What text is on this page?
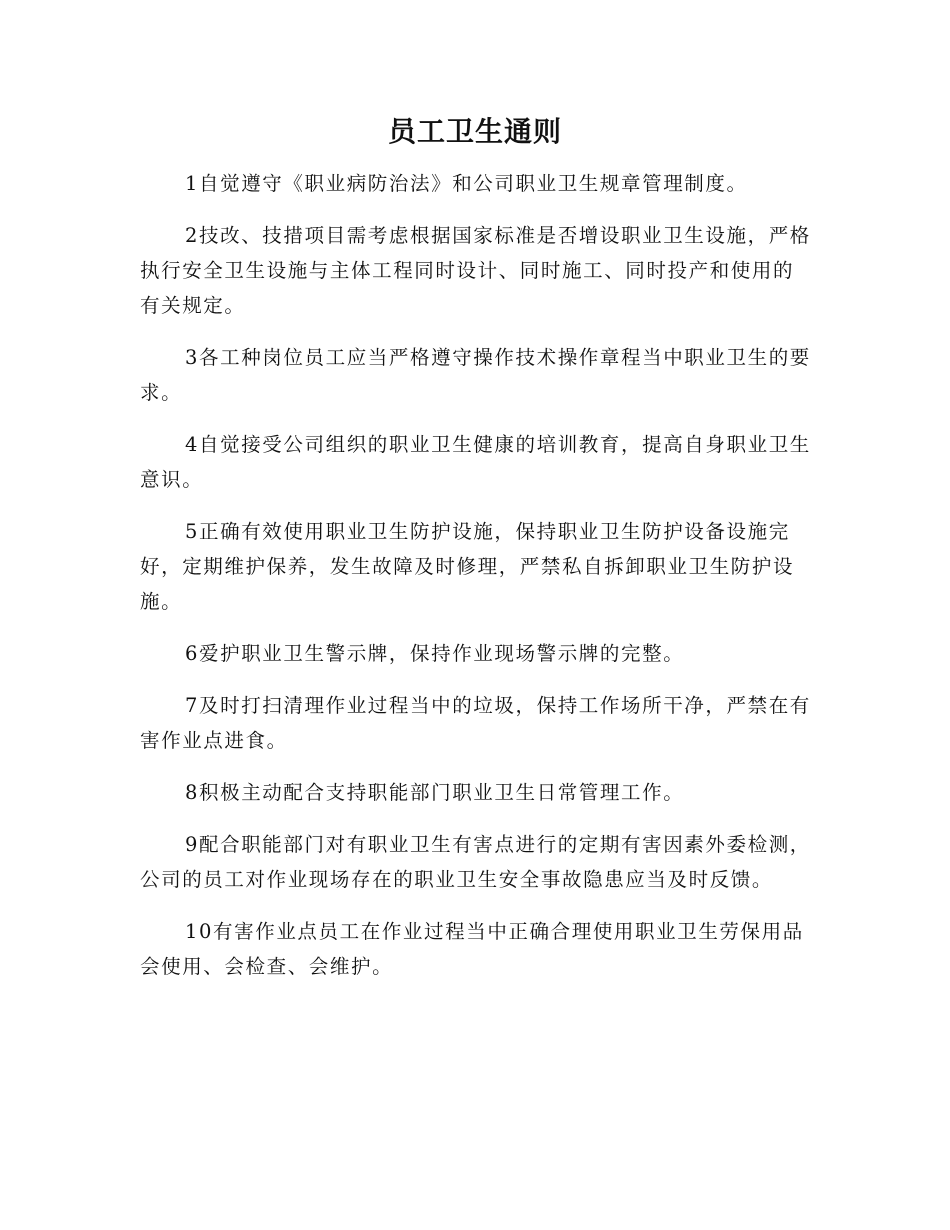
员工卫生通则

1自觉遵守《职业病防治法》和公司职业卫生规章管理制度。

2技改、技措项目需考虑根据国家标准是否增设职业卫生设施，严格执行安全卫生设施与主体工程同时设计、同时施工、同时投产和使用的有关规定。

3各工种岗位员工应当严格遵守操作技术操作章程当中职业卫生的要求。

4自觉接受公司组织的职业卫生健康的培训教育，提高自身职业卫生意识。

5正确有效使用职业卫生防护设施，保持职业卫生防护设备设施完好，定期维护保养，发生故障及时修理，严禁私自拆卸职业卫生防护设施。

6爱护职业卫生警示牌，保持作业现场警示牌的完整。

7及时打扫清理作业过程当中的垃圾，保持工作场所干净，严禁在有害作业点进食。

8积极主动配合支持职能部门职业卫生日常管理工作。

9配合职能部门对有职业卫生有害点进行的定期有害因素外委检测，公司的员工对作业现场存在的职业卫生安全事故隐患应当及时反馈。

10有害作业点员工在作业过程当中正确合理使用职业卫生劳保用品会使用、会检查、会维护。
